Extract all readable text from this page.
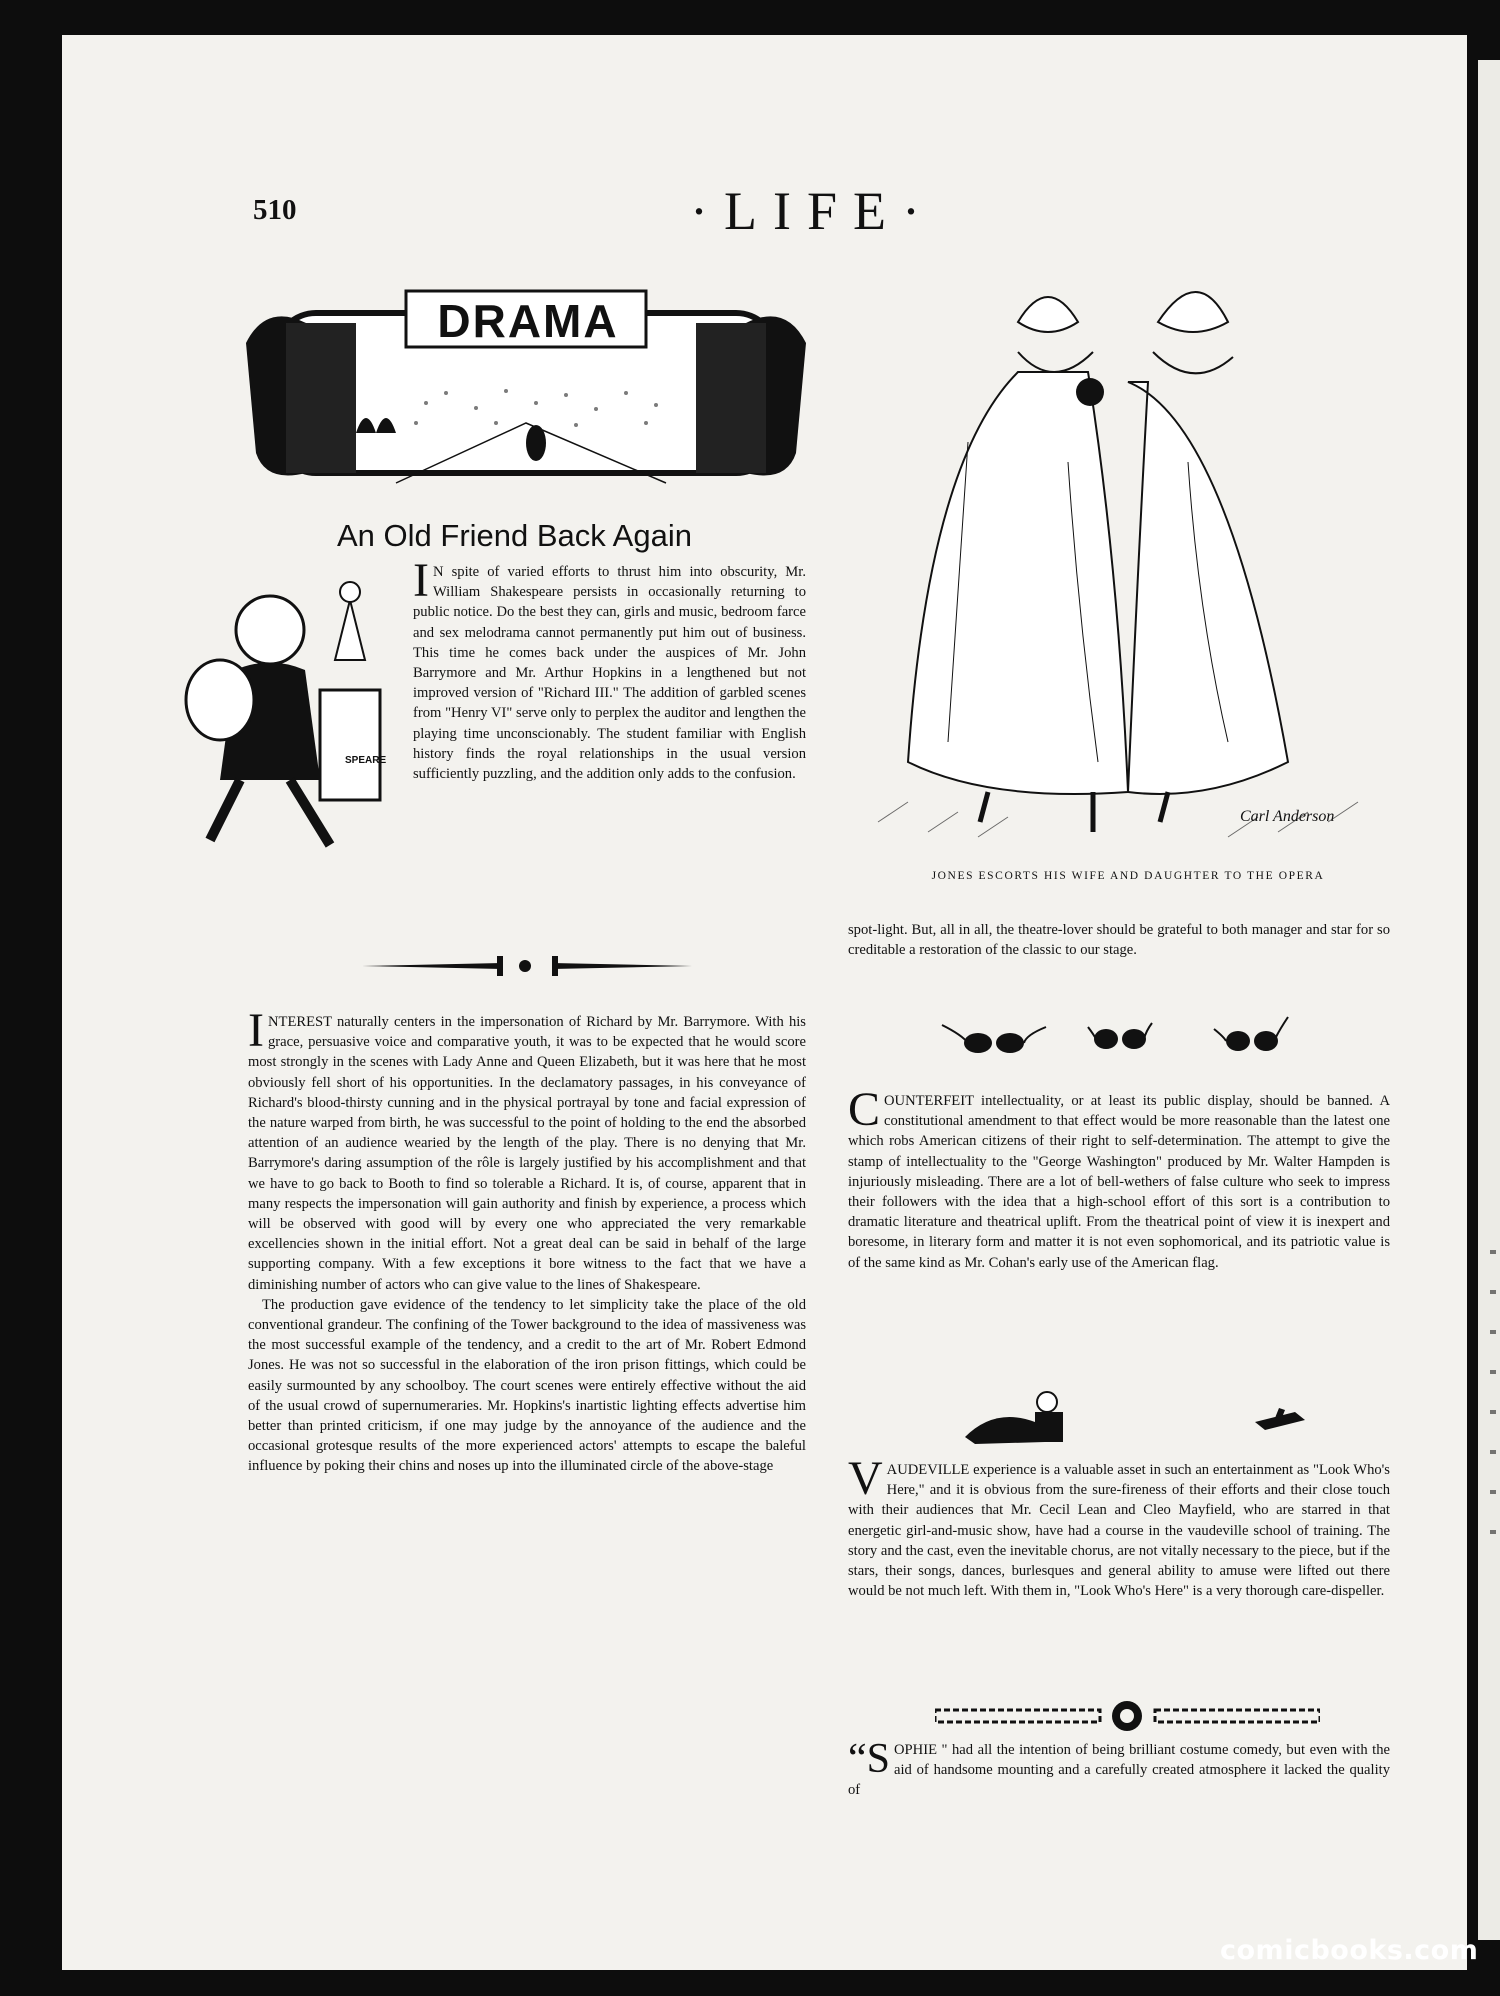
510	·LIFE·
DRAMA
An Old Friend Back Again
SPEARE

I N spite of varied efforts to thrust him into obscurity, Mr. William Shakespeare persists in occasionally returning to public notice. Do the best they can, girls and music, bedroom farce and sex melodrama cannot permanently put him out of business. This time he comes back under the auspices of Mr. John Barrymore and Mr. Arthur Hopkins in a lengthened but not improved version of "Richard III." The addition of garbled scenes from "Henry VI" serve only to perplex the auditor and lengthen the playing time unconscionably. The student familiar with English history finds the royal relationships in the usual version sufficiently puzzling, and the addition only adds to the confusion.

INTEREST naturally centers in the impersonation of Richard by Mr. Barrymore. With his grace, persuasive voice and comparative youth, it was to be expected that he would score most strongly in the scenes with Lady Anne and Queen Elizabeth, but it was here that he most obviously fell short of his opportunities. In the declamatory passages, in his conveyance of Richard's blood-thirsty cunning and in the physical portrayal by tone and facial expression of the nature warped from birth, he was successful to the point of holding to the end the absorbed attention of an audience wearied by the length of the play. There is no denying that Mr. Barrymore's daring assumption of the rôle is largely justified by his accomplishment and that we have to go back to Booth to find so tolerable a Richard. It is, of course, apparent that in many respects the impersonation will gain authority and finish by experience, a process which will be observed with good will by every one who appreciated the very remarkable excellencies shown in the initial effort. Not a great deal can be said in behalf of the large supporting company. With a few exceptions it bore witness to the fact that we have a diminishing number of actors who can give value to the lines of Shakespeare.

The production gave evidence of the tendency to let simplicity take the place of the old conventional grandeur. The confining of the Tower background to the idea of massiveness was the most successful example of the tendency, and a credit to the art of Mr. Robert Edmond Jones. He was not so successful in the elaboration of the iron prison fittings, which could be easily surmounted by any schoolboy. The court scenes were entirely effective without the aid of the usual crowd of supernumeraries. Mr. Hopkins's inartistic lighting effects advertise him better than printed criticism, if one may judge by the annoyance of the audience and the occasional grotesque results of the more experienced actors' attempts to escape the baleful influence by poking their chins and noses up into the illuminated circle of the above-stage

Carl Anderson
JONES ESCORTS HIS WIFE AND DAUGHTER TO THE OPERA

spot-light. But, all in all, the theatre-lover should be grateful to both manager and star for so creditable a restoration of the classic to our stage.

COUNTERFEIT intellectuality, or at least its public display, should be banned. A constitutional amendment to that effect would be more reasonable than the latest one which robs American citizens of their right to self-determination. The attempt to give the stamp of intellectuality to the "George Washington" produced by Mr. Walter Hampden is injuriously misleading. There are a lot of bell-wethers of false culture who seek to impress their followers with the idea that a high-school effort of this sort is a contribution to dramatic literature and theatrical uplift. From the theatrical point of view it is inexpert and boresome, in literary form and matter it is not even sophomorical, and its patriotic value is of the same kind as Mr. Cohan's early use of the American flag.

VAUDEVILLE experience is a valuable asset in such an entertainment as "Look Who's Here," and it is obvious from the sure-fireness of their efforts and their close touch with their audiences that Mr. Cecil Lean and Cleo Mayfield, who are starred in that energetic girl-and-music show, have had a course in the vaudeville school of training. The story and the cast, even the inevitable chorus, are not vitally necessary to the piece, but if the stars, their songs, dances, burlesques and general ability to amuse were lifted out there would be not much left. With them in, "Look Who's Here" is a very thorough care-dispeller.

“S OPHIE " had all the intention of being brilliant costume comedy, but even with the aid of handsome mounting and a carefully created atmosphere it lacked the quality of

comicbooks.com
